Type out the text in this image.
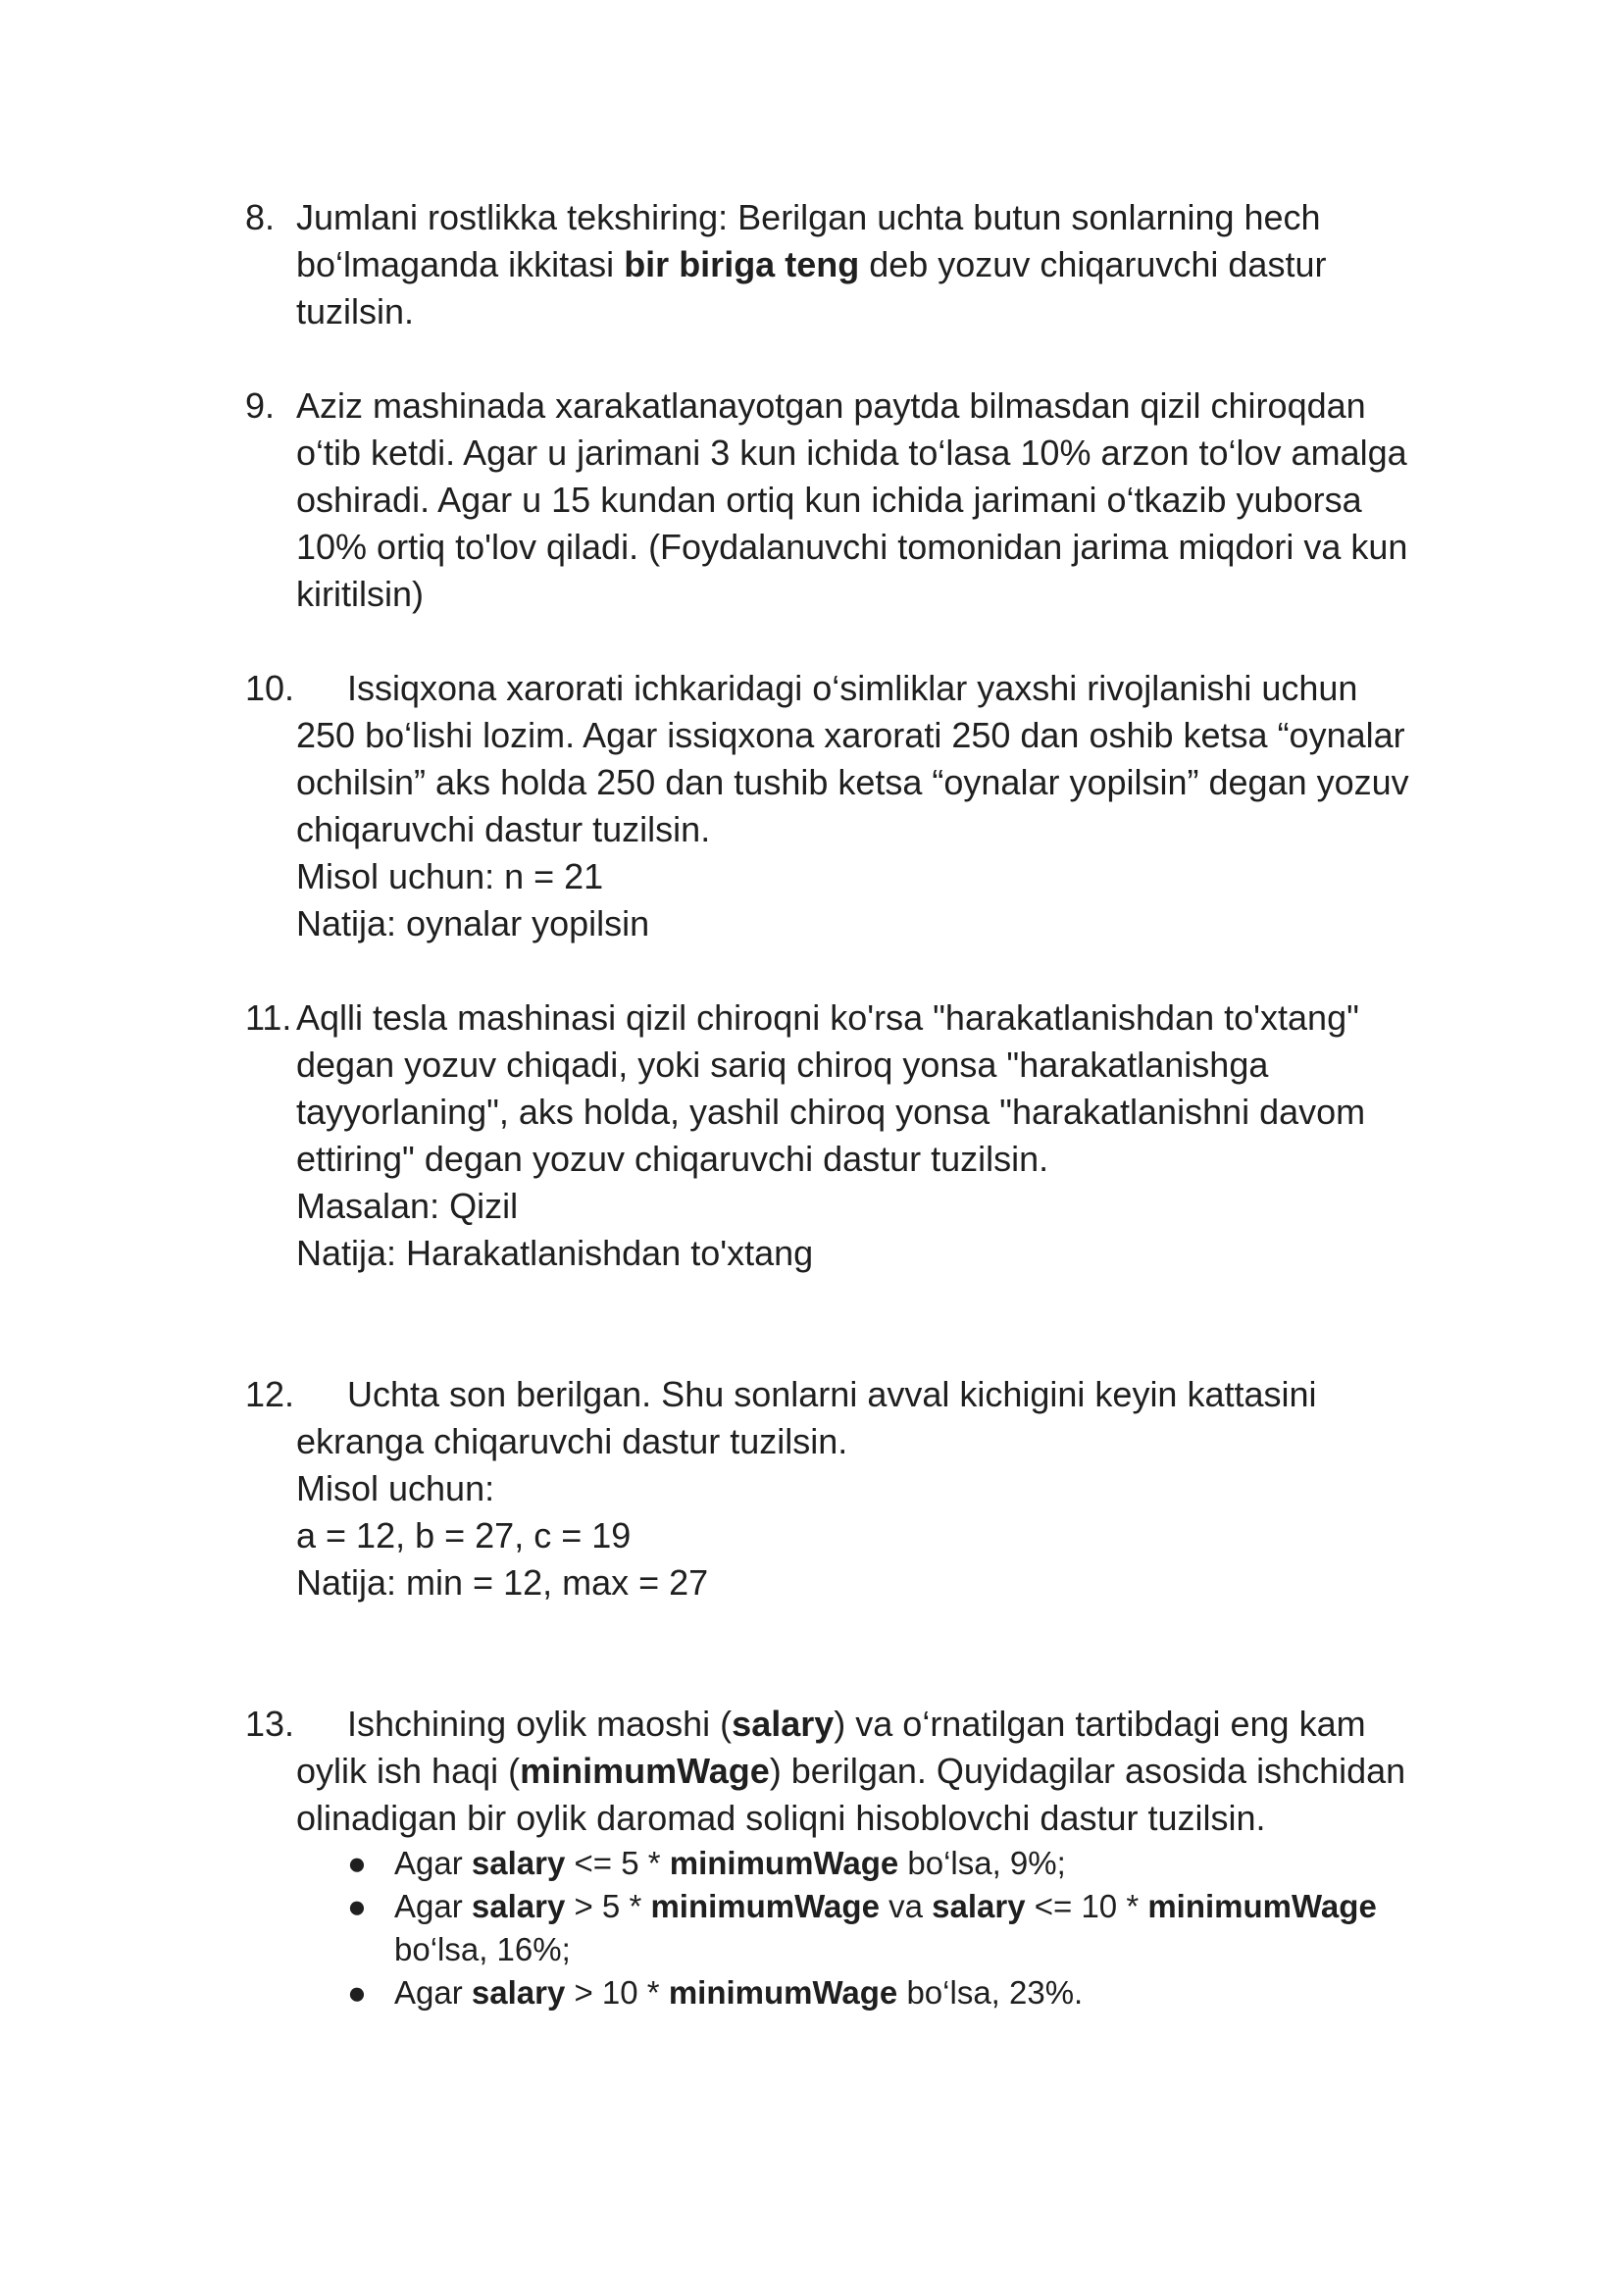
8. Jumlani rostlikka tekshiring: Berilgan uchta butun sonlarning hech
bo‘lmaganda ikkitasi bir biriga teng deb yozuv chiqaruvchi dastur
tuzilsin.
9. Aziz mashinada xarakatlanayotgan paytda bilmasdan qizil chiroqdan
o‘tib ketdi. Agar u jarimani 3 kun ichida to‘lasa 10% arzon to‘lov amalga
oshiradi. Agar u 15 kundan ortiq kun ichida jarimani o‘tkazib yuborsa
10% ortiq to'lov qiladi. (Foydalanuvchi tomonidan jarima miqdori va kun
kiritilsin)
10.	Issiqxona xarorati ichkaridagi o‘simliklar yaxshi rivojlanishi uchun
250 bo‘lishi lozim. Agar issiqxona xarorati 250 dan oshib ketsa “oynalar
ochilsin” aks holda 250 dan tushib ketsa “oynalar yopilsin” degan yozuv
chiqaruvchi dastur tuzilsin.
Misol uchun: n = 21
Natija: oynalar yopilsin
11. Aqlli tesla mashinasi qizil chiroqni ko'rsa "harakatlanishdan to'xtang"
degan yozuv chiqadi, yoki sariq chiroq yonsa "harakatlanishga
tayyorlaning", aks holda, yashil chiroq yonsa "harakatlanishni davom
ettiring" degan yozuv chiqaruvchi dastur tuzilsin.
Masalan: Qizil
Natija: Harakatlanishdan to'xtang
12.	Uchta son berilgan. Shu sonlarni avval kichigini keyin kattasini
ekranga chiqaruvchi dastur tuzilsin.
Misol uchun:
a = 12, b = 27, c = 19
Natija: min = 12, max = 27
13.	Ishchining oylik maoshi (salary) va o‘rnatilgan tartibdagi eng kam
oylik ish haqi (minimumWage) berilgan. Quyidagilar asosida ishchidan
olinadigan bir oylik daromad soliqni hisoblovchi dastur tuzilsin.
● Agar salary <= 5 * minimumWage bo‘lsa, 9%;
● Agar salary > 5 * minimumWage va salary <= 10 * minimumWage
bo‘lsa, 16%;
● Agar salary > 10 * minimumWage bo‘lsa, 23%.
